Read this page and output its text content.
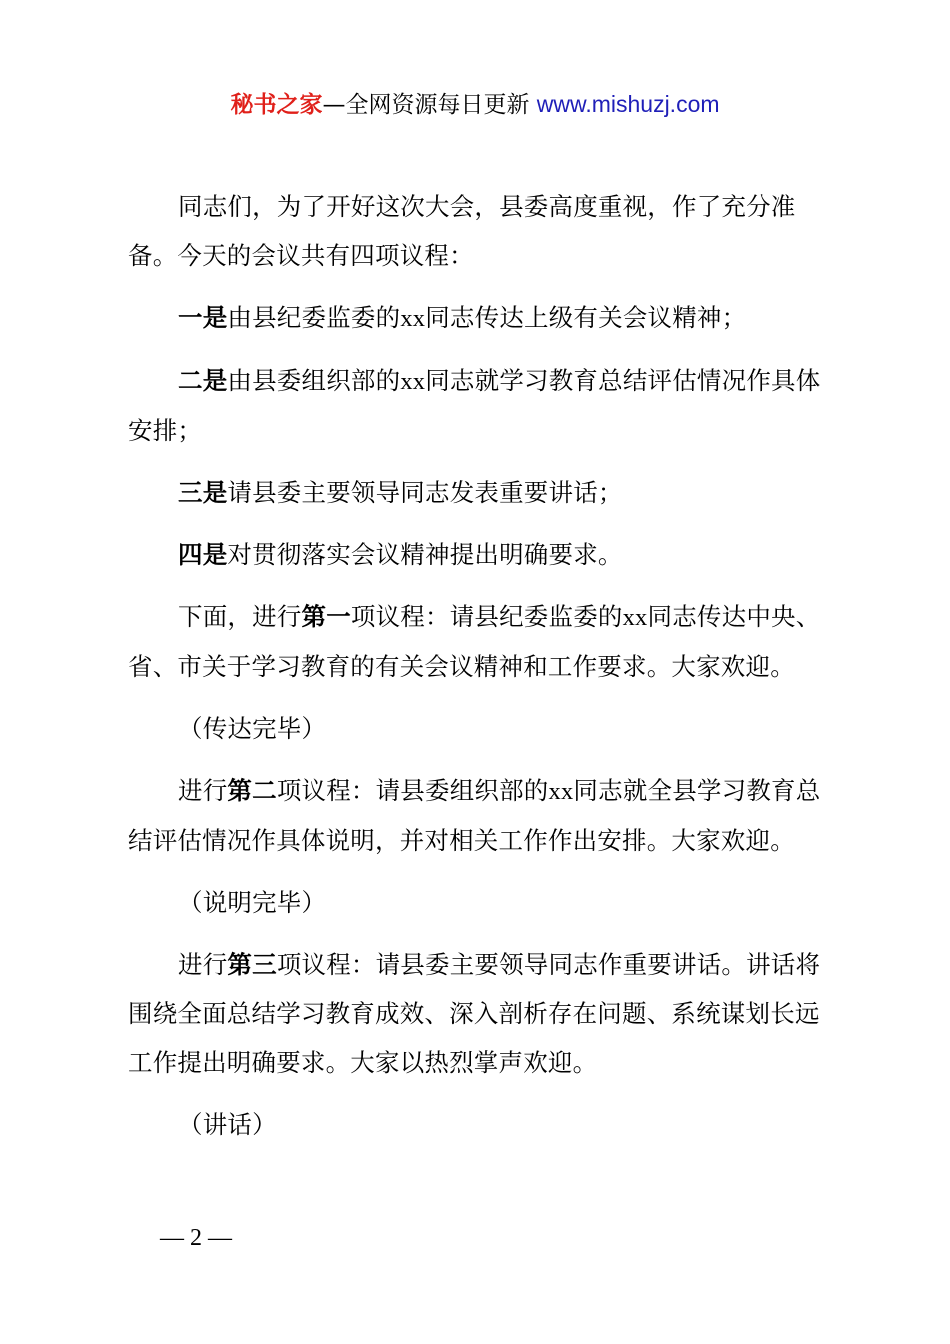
秘书之家—全网资源每日更新 www.mishuzj.com

同志们，为了开好这次大会，县委高度重视，作了充分准备。今天的会议共有四项议程：

一是由县纪委监委的xx同志传达上级有关会议精神；

二是由县委组织部的xx同志就学习教育总结评估情况作具体安排；

三是请县委主要领导同志发表重要讲话；

四是对贯彻落实会议精神提出明确要求。

下面，进行第一项议程：请县纪委监委的xx同志传达中央、省、市关于学习教育的有关会议精神和工作要求。大家欢迎。

（传达完毕）

进行第二项议程：请县委组织部的xx同志就全县学习教育总结评估情况作具体说明，并对相关工作作出安排。大家欢迎。

（说明完毕）

进行第三项议程：请县委主要领导同志作重要讲话。讲话将围绕全面总结学习教育成效、深入剖析存在问题、系统谋划长远工作提出明确要求。大家以热烈掌声欢迎。

（讲话）

— 2 —
